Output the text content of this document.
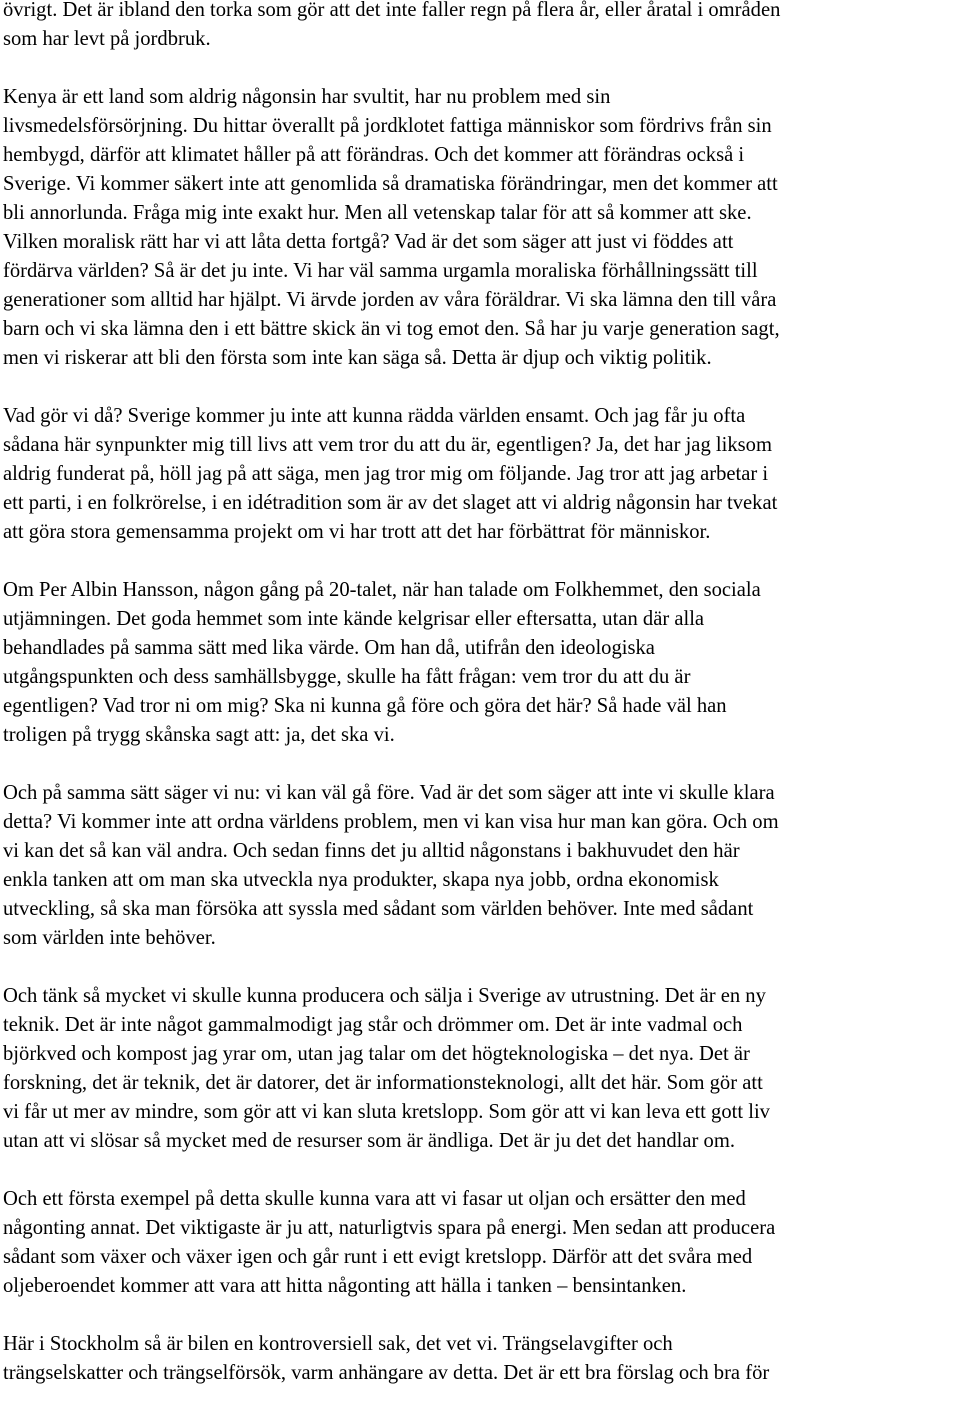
övrigt. Det är ibland den torka som gör att det inte faller regn på flera år, eller åratal i områden
som har levt på jordbruk.

Kenya är ett land som aldrig någonsin har svultit, har nu problem med sin
livsmedelsförsörjning. Du hittar överallt på jordklotet fattiga människor som fördrivs från sin
hembygd, därför att klimatet håller på att förändras. Och det kommer att förändras också i
Sverige. Vi kommer säkert inte att genomlida så dramatiska förändringar, men det kommer att
bli annorlunda. Fråga mig inte exakt hur. Men all vetenskap talar för att så kommer att ske.
Vilken moralisk rätt har vi att låta detta fortgå? Vad är det som säger att just vi föddes att
fördärva världen? Så är det ju inte. Vi har väl samma urgamla moraliska förhållningssätt till
generationer som alltid har hjälpt. Vi ärvde jorden av våra föräldrar. Vi ska lämna den till våra
barn och vi ska lämna den i ett bättre skick än vi tog emot den. Så har ju varje generation sagt,
men vi riskerar att bli den första som inte kan säga så. Detta är djup och viktig politik.

Vad gör vi då? Sverige kommer ju inte att kunna rädda världen ensamt. Och jag får ju ofta
sådana här synpunkter mig till livs att vem tror du att du är, egentligen? Ja, det har jag liksom
aldrig funderat på, höll jag på att säga, men jag tror mig om följande. Jag tror att jag arbetar i
ett parti, i en folkrörelse, i en idétradition som är av det slaget att vi aldrig någonsin har tvekat
att göra stora gemensamma projekt om vi har trott att det har förbättrat för människor.

Om Per Albin Hansson, någon gång på 20-talet, när han talade om Folkhemmet, den sociala
utjämningen. Det goda hemmet som inte kände kelgrisar eller eftersatta, utan där alla
behandlades på samma sätt med lika värde. Om han då, utifrån den ideologiska
utgångspunkten och dess samhällsbygge, skulle ha fått frågan: vem tror du att du är
egentligen? Vad tror ni om mig? Ska ni kunna gå före och göra det här? Så hade väl han
troligen på trygg skånska sagt att: ja, det ska vi.

Och på samma sätt säger vi nu: vi kan väl gå före. Vad är det som säger att inte vi skulle klara
detta? Vi kommer inte att ordna världens problem, men vi kan visa hur man kan göra. Och om
vi kan det så kan väl andra. Och sedan finns det ju alltid någonstans i bakhuvudet den här
enkla tanken att om man ska utveckla nya produkter, skapa nya jobb, ordna ekonomisk
utveckling, så ska man försöka att syssla med sådant som världen behöver. Inte med sådant
som världen inte behöver.

Och tänk så mycket vi skulle kunna producera och sälja i Sverige av utrustning. Det är en ny
teknik. Det är inte något gammalmodigt jag står och drömmer om. Det är inte vadmal och
björkved och kompost jag yrar om, utan jag talar om det högteknologiska – det nya. Det är
forskning, det är teknik, det är datorer, det är informationsteknologi, allt det här. Som gör att
vi får ut mer av mindre, som gör att vi kan sluta kretslopp. Som gör att vi kan leva ett gott liv
utan att vi slösar så mycket med de resurser som är ändliga. Det är ju det det handlar om.

Och ett första exempel på detta skulle kunna vara att vi fasar ut oljan och ersätter den med
någonting annat. Det viktigaste är ju att, naturligtvis spara på energi. Men sedan att producera
sådant som växer och växer igen och går runt i ett evigt kretslopp. Därför att det svåra med
oljeberoendet kommer att vara att hitta någonting att hälla i tanken – bensintanken.

Här i Stockholm så är bilen en kontroversiell sak, det vet vi. Trängselavgifter och
trängselskatter och trängselförsök, varm anhängare av detta. Det är ett bra förslag och bra för
